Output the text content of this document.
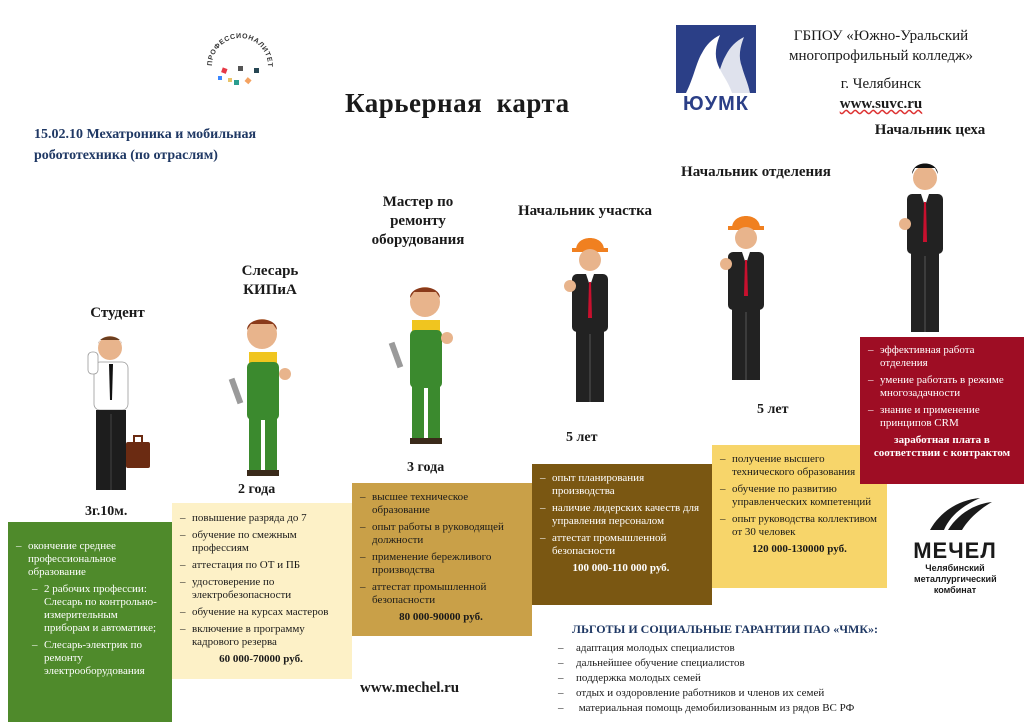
ПРОФЕССИОНАЛИТЕТ
Карьерная  карта
15.02.10 Мехатроника и мобильная робототехника (по отраслям)
ЮУМК
ГБПОУ «Южно-Уральский
многопрофильный колледж»
г. Челябинск
www.suvc.ru
Студент
Слесарь КИПиА
Мастер по ремонту оборудования
Начальник участка
Начальник отделения
Начальник цеха
3г.10м.
2 года
3 года
5 лет
5 лет
– окончение среднее профессиональное образование
– 2 рабочих профессии: Слесарь по контрольно-измерительным приборам и автоматике;
– Слесарь-электрик по ремонту электрооборудования
– повышение разряда до 7
– обучение по смежным профессиям
– аттестация по ОТ и ПБ
– удостоверение по электробезопасности
– обучение на курсах мастеров
– включение в программу кадрового резерва
60 000-70000 руб.
– высшее техническое образование
– опыт работы в руководящей должности
– применение бережливого производства
– аттестат промышленной безопасности
80 000-90000 руб.
– опыт планирования производства
– наличие лидерских качеств для управления персоналом
– аттестат промышленной безопасности
100 000-110 000 руб.
– получение высшего технического образования
– обучение по развитию управленческих компетенций
– опыт руководства коллективом от 30 человек
120 000-130000 руб.
– эффективная работа отделения
– умение работать в режиме многозадачности
– знание и применение принципов CRM
заработная плата в соответствии с контрактом
МЕЧЕЛ
Челябинский металлургический комбинат
ЛЬГОТЫ И СОЦИАЛЬНЫЕ ГАРАНТИИ ПАО «ЧМК»:
– адаптация молодых специалистов
– дальнейшее обучение специалистов
– поддержка молодых семей
– отдых и оздоровление работников и членов их семей
–  материальная помощь демобилизованным из рядов ВС РФ
www.mechel.ru
